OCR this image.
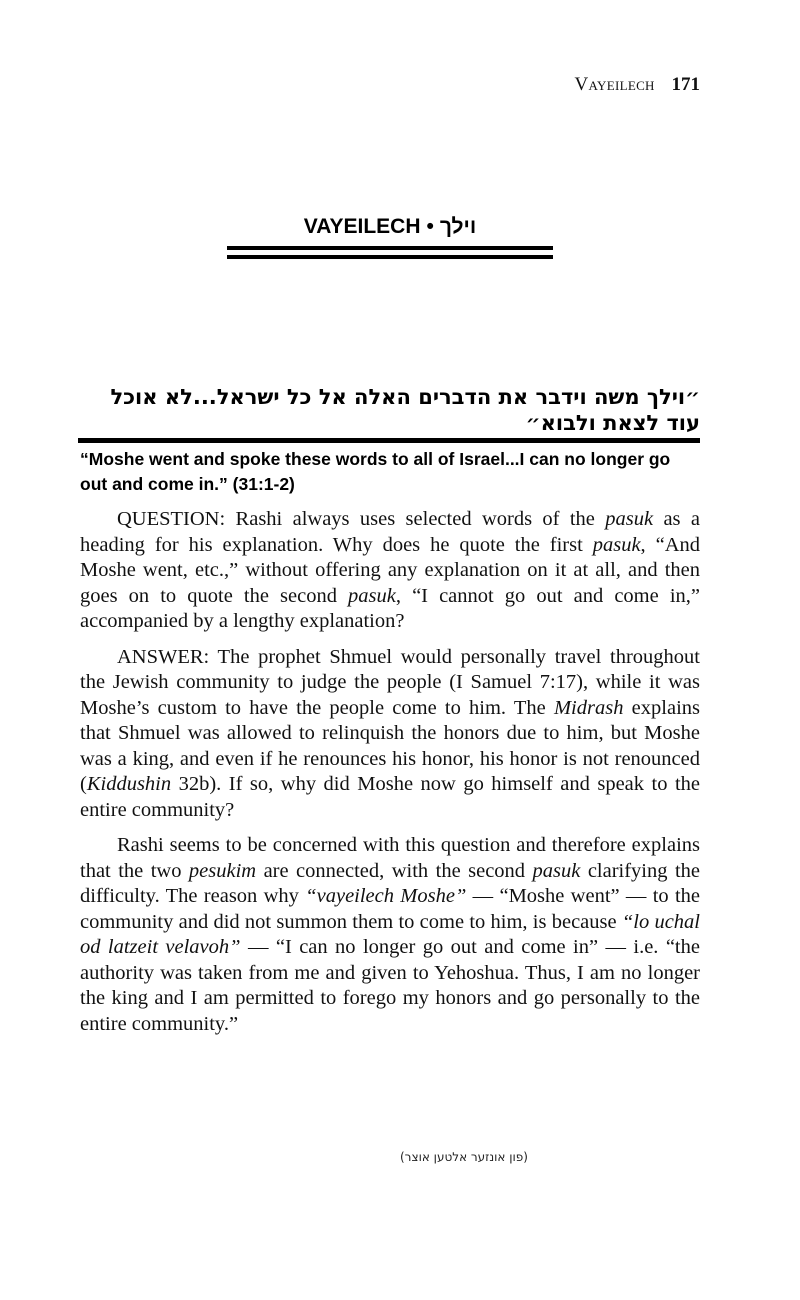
Vayeilech 171
VAYEILECH • וילך
״וילך משה וידבר את הדברים האלה אל כל ישראל...לא אוכל עוד לצאת ולבוא״
“Moshe went and spoke these words to all of Israel...I can no longer go out and come in.” (31:1-2)

QUESTION: Rashi always uses selected words of the pasuk as a heading for his explanation. Why does he quote the first pasuk, “And Moshe went, etc.,” without offering any explanation on it at all, and then goes on to quote the second pasuk, “I cannot go out and come in,” accompanied by a lengthy explanation?

ANSWER: The prophet Shmuel would personally travel throughout the Jewish community to judge the people (I Samuel 7:17), while it was Moshe’s custom to have the people come to him. The Midrash explains that Shmuel was allowed to relinquish the honors due to him, but Moshe was a king, and even if he renounces his honor, his honor is not renounced (Kiddushin 32b). If so, why did Moshe now go himself and speak to the entire community?

Rashi seems to be concerned with this question and therefore explains that the two pesukim are connected, with the second pasuk clarifying the difficulty. The reason why “vayeilech Moshe” — “Moshe went” — to the community and did not summon them to come to him, is because “lo uchal od latzeit velavoh” — “I can no longer go out and come in” — i.e. “the authority was taken from me and given to Yehoshua. Thus, I am no longer the king and I am permitted to forego my honors and go personally to the entire community.”

(פון אונזער אלטען אוצר)
